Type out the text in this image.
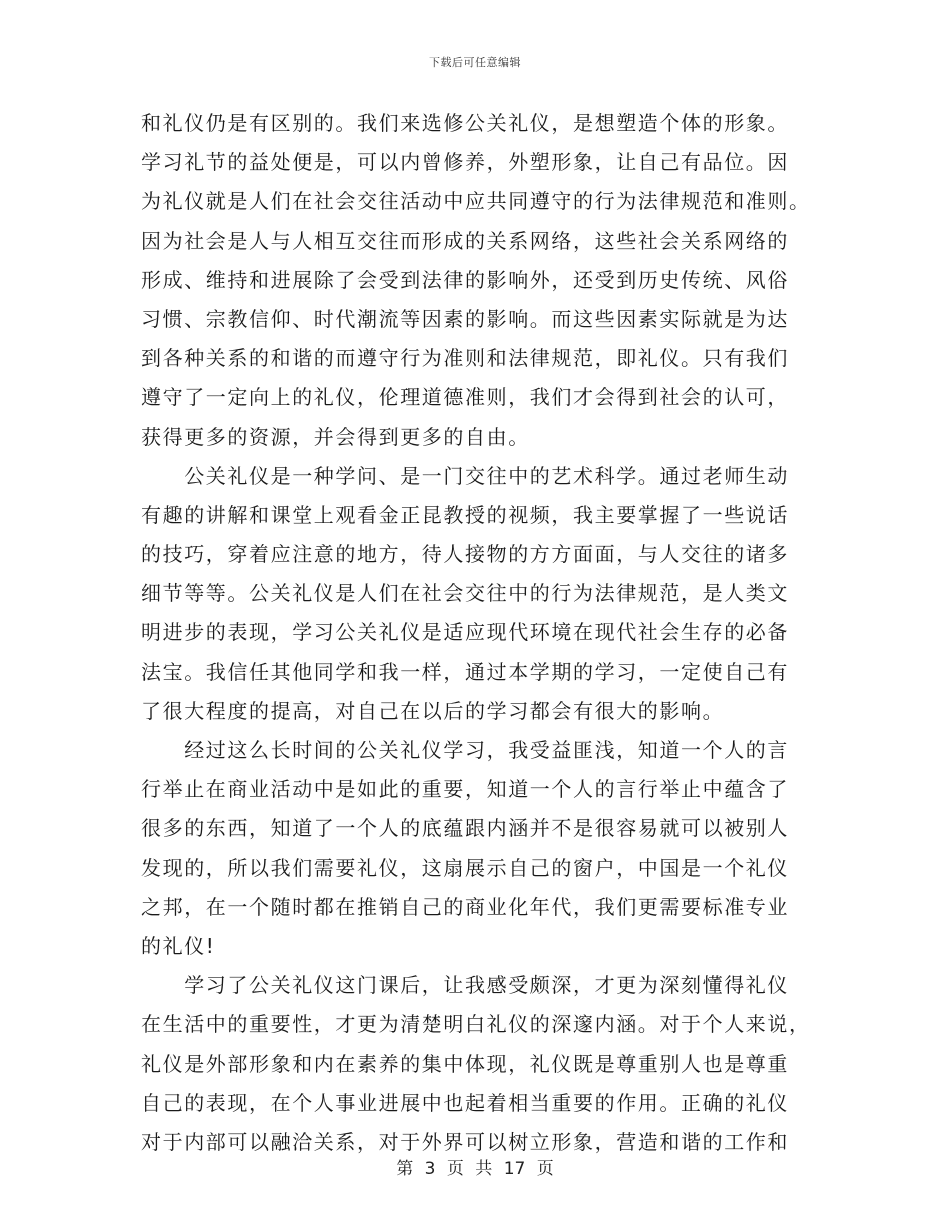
下载后可任意编辑
和礼仪仍是有区别的。我们来选修公关礼仪，是想塑造个体的形象。
学习礼节的益处便是，可以内曾修养，外塑形象，让自己有品位。因
为礼仪就是人们在社会交往活动中应共同遵守的行为法律规范和准则。
因为社会是人与人相互交往而形成的关系网络，这些社会关系网络的
形成、维持和进展除了会受到法律的影响外，还受到历史传统、风俗
习惯、宗教信仰、时代潮流等因素的影响。而这些因素实际就是为达
到各种关系的和谐的而遵守行为准则和法律规范，即礼仪。只有我们
遵守了一定向上的礼仪，伦理道德准则，我们才会得到社会的认可，
获得更多的资源，并会得到更多的自由。
　　公关礼仪是一种学问、是一门交往中的艺术科学。通过老师生动
有趣的讲解和课堂上观看金正昆教授的视频，我主要掌握了一些说话
的技巧，穿着应注意的地方，待人接物的方方面面，与人交往的诸多
细节等等。公关礼仪是人们在社会交往中的行为法律规范，是人类文
明进步的表现，学习公关礼仪是适应现代环境在现代社会生存的必备
法宝。我信任其他同学和我一样，通过本学期的学习，一定使自己有
了很大程度的提高，对自己在以后的学习都会有很大的影响。
　　经过这么长时间的公关礼仪学习，我受益匪浅，知道一个人的言
行举止在商业活动中是如此的重要，知道一个人的言行举止中蕴含了
很多的东西，知道了一个人的底蕴跟内涵并不是很容易就可以被别人
发现的，所以我们需要礼仪，这扇展示自己的窗户，中国是一个礼仪
之邦，在一个随时都在推销自己的商业化年代，我们更需要标准专业
的礼仪!
　　学习了公关礼仪这门课后，让我感受颇深，才更为深刻懂得礼仪
在生活中的重要性，才更为清楚明白礼仪的深邃内涵。对于个人来说，
礼仪是外部形象和内在素养的集中体现，礼仪既是尊重别人也是尊重
自己的表现，在个人事业进展中也起着相当重要的作用。正确的礼仪
对于内部可以融洽关系，对于外界可以树立形象，营造和谐的工作和
第 3 页 共 17 页
